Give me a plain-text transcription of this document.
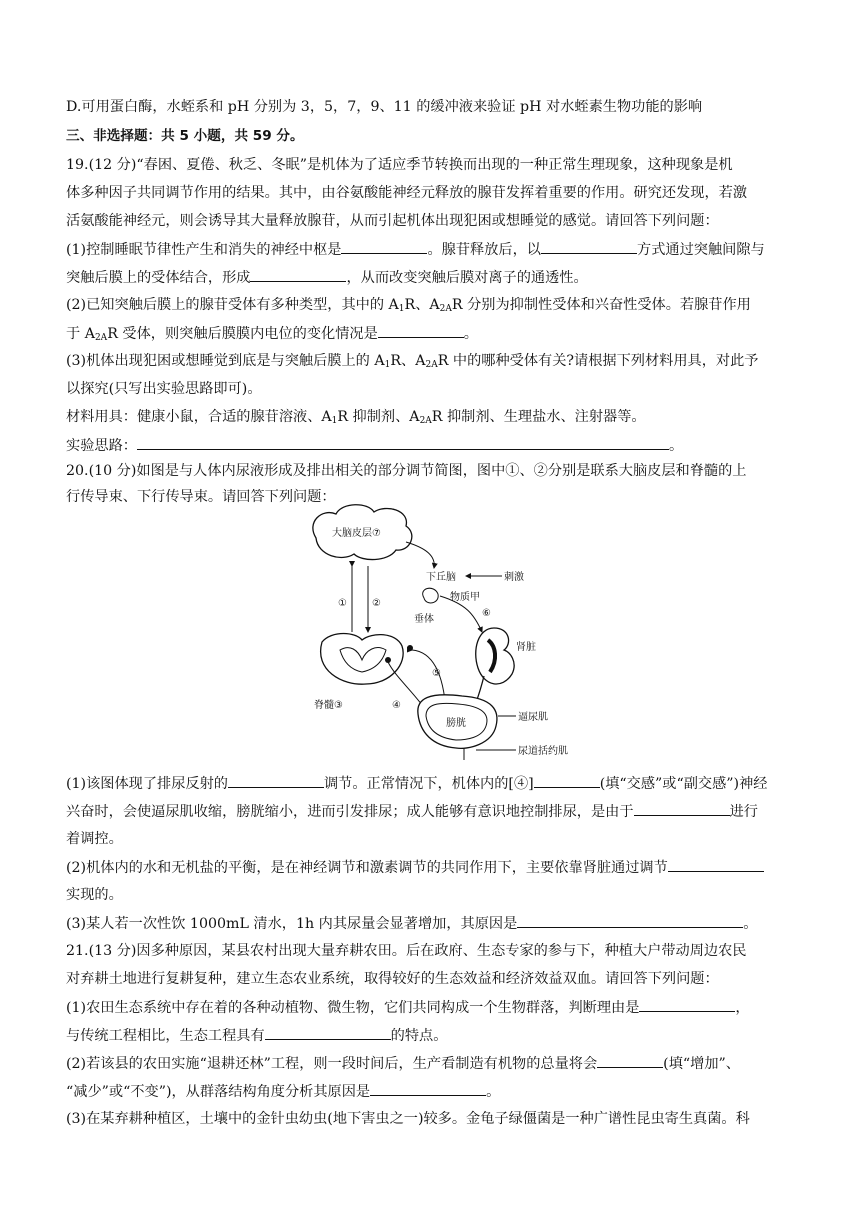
D.可用蛋白酶，水蛭系和 pH 分别为 3，5，7，9、11 的缓冲液来验证 pH 对水蛭素生物功能的影响
三、非选择题：共 5 小题，共 59 分。
19.(12 分)“春困、夏倦、秋乏、冬眠”是机体为了适应季节转换而出现的一种正常生理现象，这种现象是机
体多种因子共同调节作用的结果。其中，由谷氨酸能神经元释放的腺苷发挥着重要的作用。研究还发现，若激
活氨酸能神经元，则会诱导其大量释放腺苷，从而引起机体出现犯困或想睡觉的感觉。请回答下列问题：
(1)控制睡眠节律性产生和消失的神经中枢是	。腺苷释放后，以	方式通过突触间隙与
突触后膜上的受体结合，形成	，从而改变突触后膜对离子的通透性。
(2)已知突触后膜上的腺苷受体有多种类型，其中的 $A_1R$、$A_{2A}R$ 分别为抑制性受体和兴奋性受体。若腺苷作用
于 $A_{2A}R$ 受体，则突触后膜膜内电位的变化情况是	。
(3)机体出现犯困或想睡觉到底是与突触后膜上的 $A_1R$、$A_{2A}R$ 中的哪种受体有关?请根据下列材料用具，对此予
以探究(只写出实验思路即可)。
材料用具：健康小鼠，合适的腺苷溶液、$A_1R$ 抑制剂、$A_{2A}R$ 抑制剂、生理盐水、注射器等。
实验思路：	。
20.(10 分)如图是与人体内尿液形成及排出相关的部分调节简图，图中①、②分别是联系大脑皮层和脊髓的上
行传导束、下行传导束。请回答下列问题：
大脑皮层⑦
①	②
下丘脑	刺激
垂体
物质甲
⑥
肾脏
脊髓③
⑤
④
膀胱
逼尿肌
尿道括约肌
(1)该图体现了排尿反射的	调节。正常情况下，机体内的[④]	(填“交感”或“副交感”)神经
兴奋时，会使逼尿肌收缩，膀胱缩小，进而引发排尿；成人能够有意识地控制排尿，是由于	进行
着调控。
(2)机体内的水和无机盐的平衡，是在神经调节和激素调节的共同作用下，主要依靠肾脏通过调节
实现的。
(3)某人若一次性饮 1000mL 清水，1h 内其尿量会显著增加，其原因是	。
21.(13 分)因多种原因，某县农村出现大量弃耕农田。后在政府、生态专家的参与下，种植大户带动周边农民
对弃耕土地进行复耕复种，建立生态农业系统，取得较好的生态效益和经济效益双血。请回答下列问题：
(1)农田生态系统中存在着的各种动植物、微生物，它们共同构成一个生物群落，判断理由是	，
与传统工程相比，生态工程具有	的特点。
(2)若该县的农田实施“退耕还林”工程，则一段时间后，生产看制造有机物的总量将会	(填“增加”、
“减少”或“不变”)，从群落结构角度分析其原因是	。
(3)在某弃耕种植区，土壤中的金针虫幼虫(地下害虫之一)较多。金龟子绿僵菌是一种广谱性昆虫寄生真菌。科
